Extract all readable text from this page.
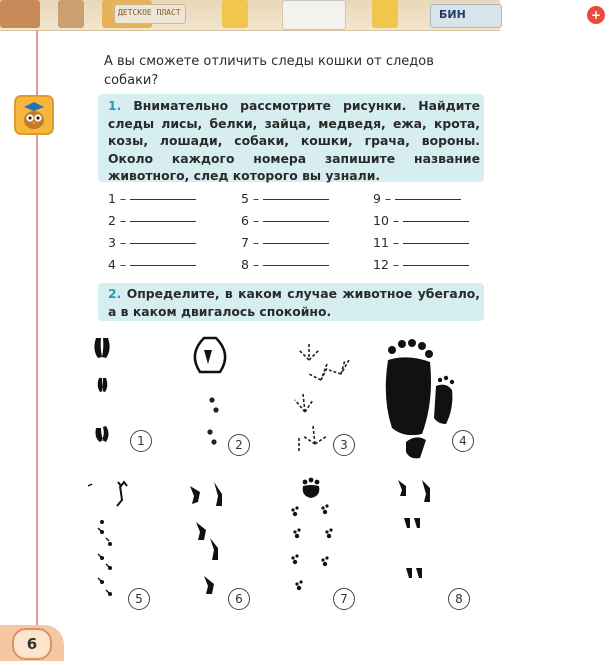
ДЕТСКОЕ ПЛАСТ	+
БИН
А вы сможете отличить следы кошки от следов собаки?
1. Внимательно рассмотрите рисунки. Найдите следы лисы, белки, зайца, медведя, ежа, крота, козы, лошади, собаки, кошки, грача, вороны. Около каждого номера запишите название животного, след которого вы узнали.
1 –
2 –
3 –
4 –
5 –
6 –
7 –
8 –
9 –
10 –
11 –
12 –
2. Определите, в каком случае животное убегало, а в каком двигалось спокойно.
1	2	3	4
5	6	7	8
6
